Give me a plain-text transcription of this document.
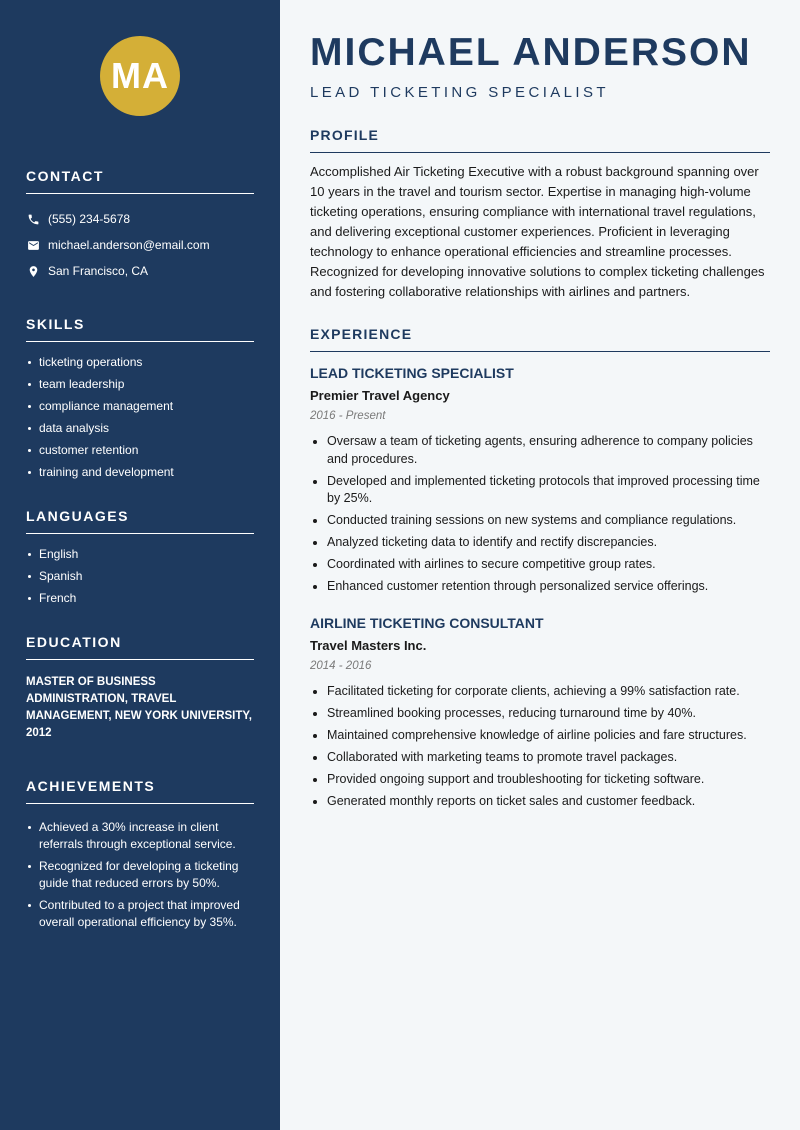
MA
CONTACT
(555) 234-5678
michael.anderson@email.com
San Francisco, CA
SKILLS
ticketing operations
team leadership
compliance management
data analysis
customer retention
training and development
LANGUAGES
English
Spanish
French
EDUCATION

MASTER OF BUSINESS ADMINISTRATION, TRAVEL MANAGEMENT, NEW YORK UNIVERSITY, 2012

ACHIEVEMENTS
Achieved a 30% increase in client referrals through exceptional service.
Recognized for developing a ticketing guide that reduced errors by 50%.
Contributed to a project that improved overall operational efficiency by 35%.
MICHAEL ANDERSON
LEAD TICKETING SPECIALIST
PROFILE

Accomplished Air Ticketing Executive with a robust background spanning over 10 years in the travel and tourism sector. Expertise in managing high-volume ticketing operations, ensuring compliance with international travel regulations, and delivering exceptional customer experiences. Proficient in leveraging technology to enhance operational efficiencies and streamline processes. Recognized for developing innovative solutions to complex ticketing challenges and fostering collaborative relationships with airlines and partners.

EXPERIENCE
LEAD TICKETING SPECIALIST
Premier Travel Agency
2016 - Present
Oversaw a team of ticketing agents, ensuring adherence to company policies and procedures.
Developed and implemented ticketing protocols that improved processing time by 25%.
Conducted training sessions on new systems and compliance regulations.
Analyzed ticketing data to identify and rectify discrepancies.
Coordinated with airlines to secure competitive group rates.
Enhanced customer retention through personalized service offerings.
AIRLINE TICKETING CONSULTANT
Travel Masters Inc.
2014 - 2016
Facilitated ticketing for corporate clients, achieving a 99% satisfaction rate.
Streamlined booking processes, reducing turnaround time by 40%.
Maintained comprehensive knowledge of airline policies and fare structures.
Collaborated with marketing teams to promote travel packages.
Provided ongoing support and troubleshooting for ticketing software.
Generated monthly reports on ticket sales and customer feedback.
